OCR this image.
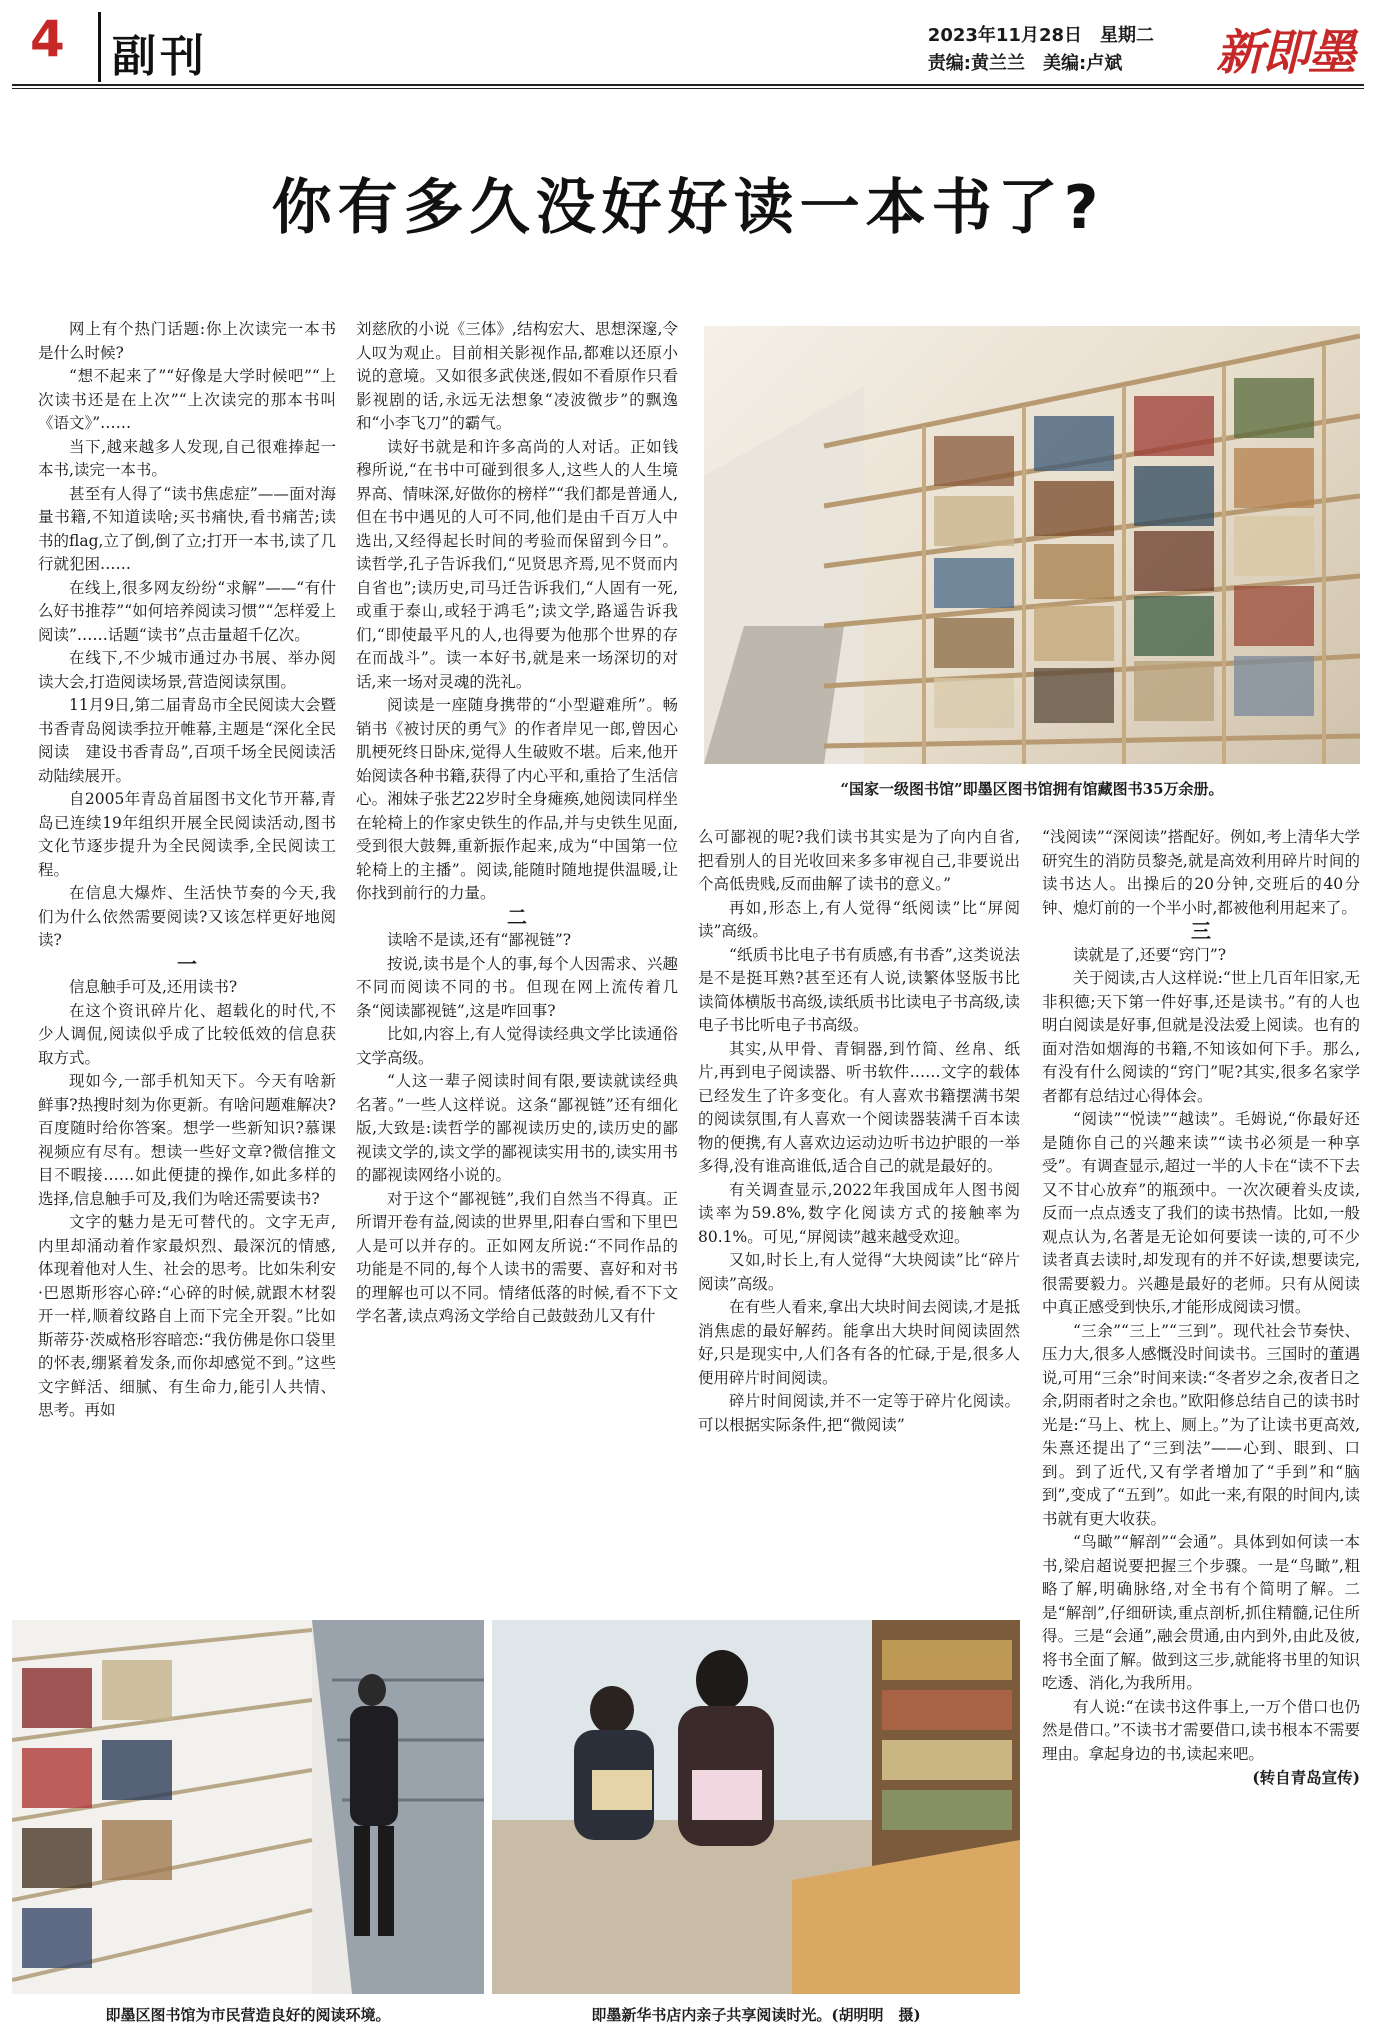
4 副刊	2023年11月28日　星期二
责编:黄兰兰　美编:卢斌	新即墨
你有多久没好好读一本书了?

网上有个热门话题:你上次读完一本书是什么时候?

“想不起来了”“好像是大学时候吧”“上次读书还是在上次”“上次读完的那本书叫《语文》”……

当下,越来越多人发现,自己很难捧起一本书,读完一本书。

甚至有人得了“读书焦虑症”——面对海量书籍,不知道读啥;买书痛快,看书痛苦;读书的flag,立了倒,倒了立;打开一本书,读了几行就犯困……

在线上,很多网友纷纷“求解”——“有什么好书推荐”“如何培养阅读习惯”“怎样爱上阅读”……话题“读书”点击量超千亿次。

在线下,不少城市通过办书展、举办阅读大会,打造阅读场景,营造阅读氛围。

11月9日,第二届青岛市全民阅读大会暨书香青岛阅读季拉开帷幕,主题是“深化全民阅读　建设书香青岛”,百项千场全民阅读活动陆续展开。

自2005年青岛首届图书文化节开幕,青岛已连续19年组织开展全民阅读活动,图书文化节逐步提升为全民阅读季,全民阅读工程。

在信息大爆炸、生活快节奏的今天,我们为什么依然需要阅读?又该怎样更好地阅读?

一

信息触手可及,还用读书?

在这个资讯碎片化、超载化的时代,不少人调侃,阅读似乎成了比较低效的信息获取方式。

现如今,一部手机知天下。今天有啥新鲜事?热搜时刻为你更新。有啥问题难解决?百度随时给你答案。想学一些新知识?慕课视频应有尽有。想读一些好文章?微信推文目不暇接……如此便捷的操作,如此多样的选择,信息触手可及,我们为啥还需要读书?

文字的魅力是无可替代的。文字无声,内里却涌动着作家最炽烈、最深沉的情感,体现着他对人生、社会的思考。比如朱利安·巴恩斯形容心碎:“心碎的时候,就跟木材裂开一样,顺着纹路自上而下完全开裂。”比如斯蒂芬·茨威格形容暗恋:“我仿佛是你口袋里的怀表,绷紧着发条,而你却感觉不到。”这些文字鲜活、细腻、有生命力,能引人共情、思考。再如

刘慈欣的小说《三体》,结构宏大、思想深邃,令人叹为观止。目前相关影视作品,都难以还原小说的意境。又如很多武侠迷,假如不看原作只看影视剧的话,永远无法想象“凌波微步”的飘逸和“小李飞刀”的霸气。

读好书就是和许多高尚的人对话。正如钱穆所说,“在书中可碰到很多人,这些人的人生境界高、情味深,好做你的榜样”“我们都是普通人,但在书中遇见的人可不同,他们是由千百万人中选出,又经得起长时间的考验而保留到今日”。读哲学,孔子告诉我们,“见贤思齐焉,见不贤而内自省也”;读历史,司马迁告诉我们,“人固有一死,或重于泰山,或轻于鸿毛”;读文学,路遥告诉我们,“即使最平凡的人,也得要为他那个世界的存在而战斗”。读一本好书,就是来一场深切的对话,来一场对灵魂的洗礼。

阅读是一座随身携带的“小型避难所”。畅销书《被讨厌的勇气》的作者岸见一郎,曾因心肌梗死终日卧床,觉得人生破败不堪。后来,他开始阅读各种书籍,获得了内心平和,重拾了生活信心。湘妹子张艺22岁时全身瘫痪,她阅读同样坐在轮椅上的作家史铁生的作品,并与史铁生见面,受到很大鼓舞,重新振作起来,成为“中国第一位轮椅上的主播”。阅读,能随时随地提供温暖,让你找到前行的力量。

二

读啥不是读,还有“鄙视链”?

按说,读书是个人的事,每个人因需求、兴趣不同而阅读不同的书。但现在网上流传着几条“阅读鄙视链”,这是咋回事?

比如,内容上,有人觉得读经典文学比读通俗文学高级。

“人这一辈子阅读时间有限,要读就读经典名著。”一些人这样说。这条“鄙视链”还有细化版,大致是:读哲学的鄙视读历史的,读历史的鄙视读文学的,读文学的鄙视读实用书的,读实用书的鄙视读网络小说的。

对于这个“鄙视链”,我们自然当不得真。正所谓开卷有益,阅读的世界里,阳春白雪和下里巴人是可以并存的。正如网友所说:“不同作品的功能是不同的,每个人读书的需要、喜好和对书的理解也可以不同。情绪低落的时候,看不下文学名著,读点鸡汤文学给自己鼓鼓劲儿又有什

“国家一级图书馆”即墨区图书馆拥有馆藏图书35万余册。

么可鄙视的呢?我们读书其实是为了向内自省,把看别人的目光收回来多多审视自己,非要说出个高低贵贱,反而曲解了读书的意义。”

再如,形态上,有人觉得“纸阅读”比“屏阅读”高级。

“纸质书比电子书有质感,有书香”,这类说法是不是挺耳熟?甚至还有人说,读繁体竖版书比读简体横版书高级,读纸质书比读电子书高级,读电子书比听电子书高级。

其实,从甲骨、青铜器,到竹简、丝帛、纸片,再到电子阅读器、听书软件……文字的载体已经发生了许多变化。有人喜欢书籍摆满书架的阅读氛围,有人喜欢一个阅读器装满千百本读物的便携,有人喜欢边运动边听书边护眼的一举多得,没有谁高谁低,适合自己的就是最好的。

有关调查显示,2022年我国成年人图书阅读率为59.8%,数字化阅读方式的接触率为80.1%。可见,“屏阅读”越来越受欢迎。

又如,时长上,有人觉得“大块阅读”比“碎片阅读”高级。

在有些人看来,拿出大块时间去阅读,才是抵消焦虑的最好解药。能拿出大块时间阅读固然好,只是现实中,人们各有各的忙碌,于是,很多人便用碎片时间阅读。

碎片时间阅读,并不一定等于碎片化阅读。可以根据实际条件,把“微阅读”

“浅阅读”“深阅读”搭配好。例如,考上清华大学研究生的消防员黎尧,就是高效利用碎片时间的读书达人。出操后的20分钟,交班后的40分钟、熄灯前的一个半小时,都被他利用起来了。

三

读就是了,还要“窍门”?

关于阅读,古人这样说:“世上几百年旧家,无非积德;天下第一件好事,还是读书。”有的人也明白阅读是好事,但就是没法爱上阅读。也有的面对浩如烟海的书籍,不知该如何下手。那么,有没有什么阅读的“窍门”呢?其实,很多名家学者都有总结过心得体会。

“阅读”“悦读”“越读”。毛姆说,“你最好还是随你自己的兴趣来读”“读书必须是一种享受”。有调查显示,超过一半的人卡在“读不下去又不甘心放弃”的瓶颈中。一次次硬着头皮读,反而一点点透支了我们的读书热情。比如,一般观点认为,名著是无论如何要读一读的,可不少读者真去读时,却发现有的并不好读,想要读完,很需要毅力。兴趣是最好的老师。只有从阅读中真正感受到快乐,才能形成阅读习惯。

“三余”“三上”“三到”。现代社会节奏快、压力大,很多人感慨没时间读书。三国时的董遇说,可用“三余”时间来读:“冬者岁之余,夜者日之余,阴雨者时之余也。”欧阳修总结自己的读书时光是:“马上、枕上、厕上。”为了让读书更高效,朱熹还提出了“三到法”——心到、眼到、口到。到了近代,又有学者增加了“手到”和“脑到”,变成了“五到”。如此一来,有限的时间内,读书就有更大收获。

“鸟瞰”“解剖”“会通”。具体到如何读一本书,梁启超说要把握三个步骤。一是“鸟瞰”,粗略了解,明确脉络,对全书有个简明了解。二是“解剖”,仔细研读,重点剖析,抓住精髓,记住所得。三是“会通”,融会贯通,由内到外,由此及彼,将书全面了解。做到这三步,就能将书里的知识吃透、消化,为我所用。

有人说:“在读书这件事上,一万个借口也仍然是借口。”不读书才需要借口,读书根本不需要理由。拿起身边的书,读起来吧。

(转自青岛宣传)

即墨区图书馆为市民营造良好的阅读环境。	即墨新华书店内亲子共享阅读时光。(胡明明　摄)
